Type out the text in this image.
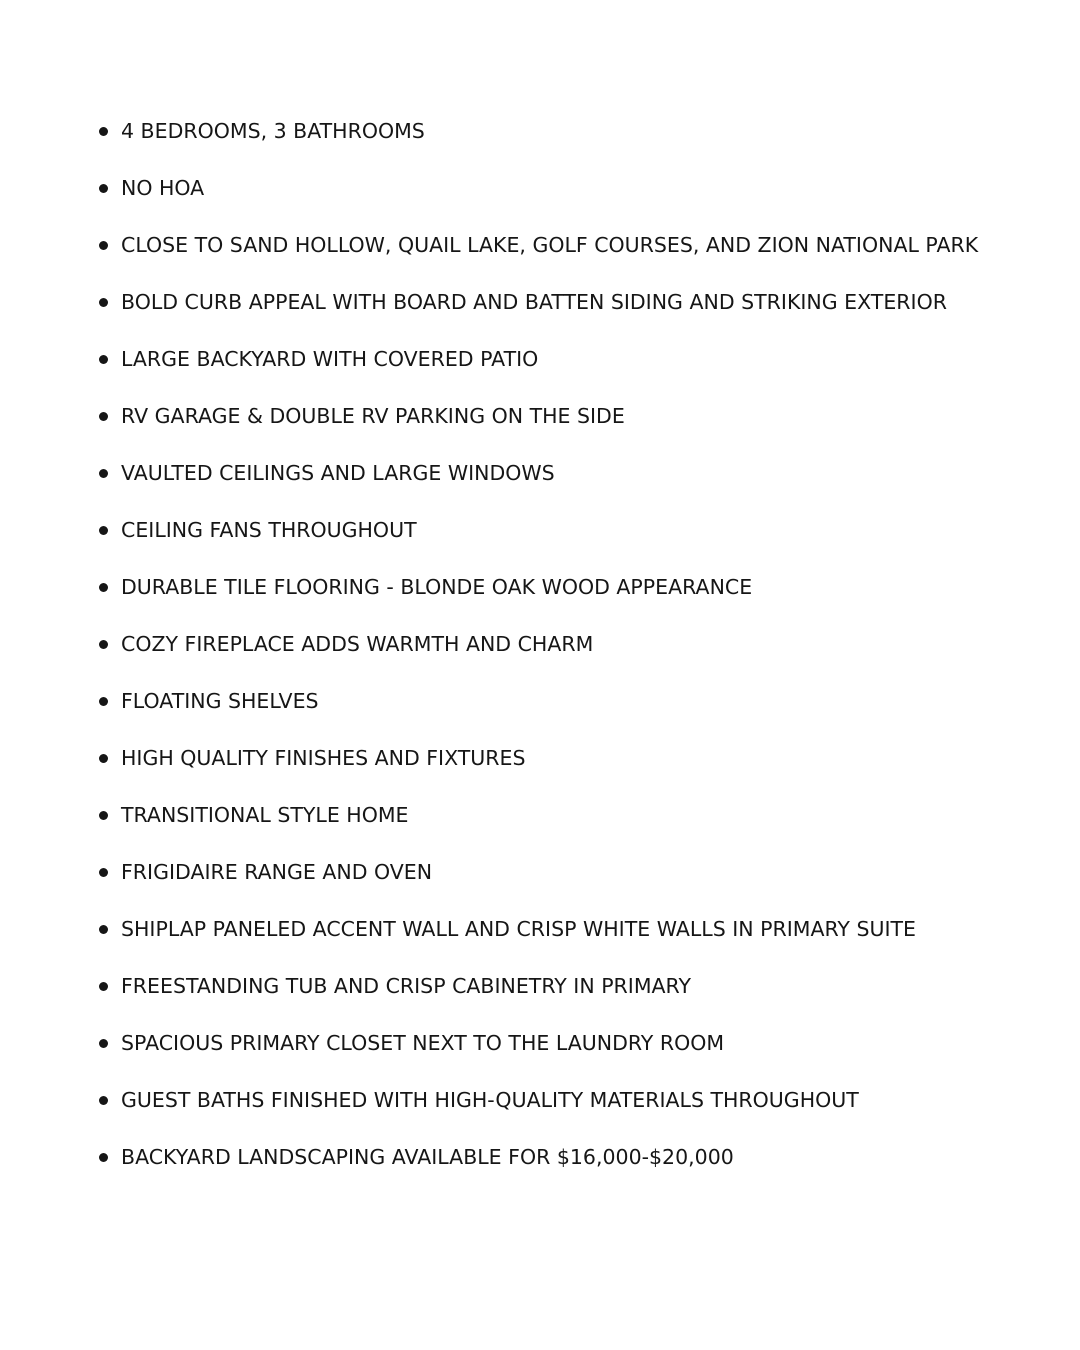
4 BEDROOMS, 3 BATHROOMS
NO HOA
CLOSE TO SAND HOLLOW, QUAIL LAKE, GOLF COURSES, AND ZION NATIONAL PARK
BOLD CURB APPEAL WITH BOARD AND BATTEN SIDING AND STRIKING EXTERIOR
LARGE BACKYARD WITH COVERED PATIO
RV GARAGE & DOUBLE RV PARKING ON THE SIDE
VAULTED CEILINGS AND LARGE WINDOWS
CEILING FANS THROUGHOUT
DURABLE TILE FLOORING - BLONDE OAK WOOD APPEARANCE
COZY FIREPLACE ADDS WARMTH AND CHARM
FLOATING SHELVES
HIGH QUALITY FINISHES AND FIXTURES
TRANSITIONAL STYLE HOME
FRIGIDAIRE RANGE AND OVEN
SHIPLAP PANELED ACCENT WALL AND CRISP WHITE WALLS IN PRIMARY SUITE
FREESTANDING TUB AND CRISP CABINETRY IN PRIMARY
SPACIOUS PRIMARY CLOSET NEXT TO THE LAUNDRY ROOM
GUEST BATHS FINISHED WITH HIGH-QUALITY MATERIALS THROUGHOUT
BACKYARD LANDSCAPING AVAILABLE FOR $16,000-$20,000
